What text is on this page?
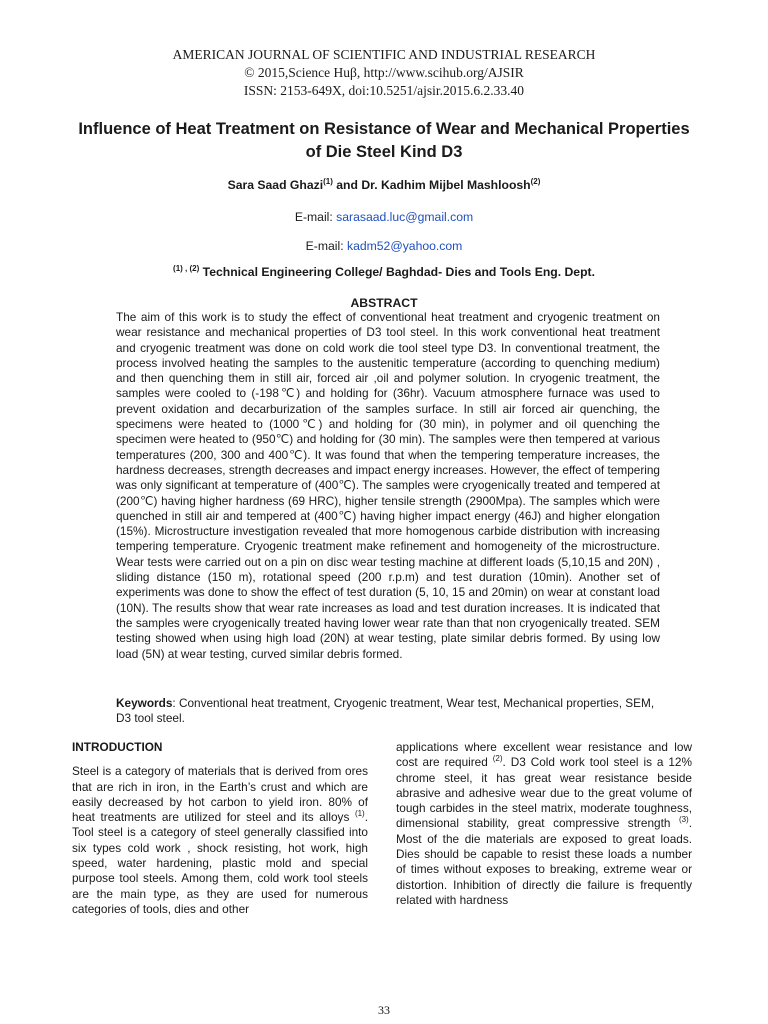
AMERICAN JOURNAL OF SCIENTIFIC AND INDUSTRIAL RESEARCH
© 2015,Science Huβ, http://www.scihub.org/AJSIR
ISSN: 2153-649X, doi:10.5251/ajsir.2015.6.2.33.40
Influence of Heat Treatment on Resistance of Wear and Mechanical Properties of Die Steel Kind D3
Sara Saad Ghazi$^{(1)}$ and Dr. Kadhim Mijbel Mashloosh$^{(2)}$
E-mail: sarasaad.luc@gmail.com
E-mail: kadm52@yahoo.com
$^{(1) , (2)}$ Technical Engineering College/ Baghdad- Dies and Tools Eng. Dept.
ABSTRACT
The aim of this work is to study the effect of conventional heat treatment and cryogenic treatment on wear resistance and mechanical properties of D3 tool steel. In this work conventional heat treatment and cryogenic treatment was done on cold work die tool steel type D3. In conventional treatment, the process involved heating the samples to the austenitic temperature (according to quenching medium) and then quenching them in still air, forced air ,oil and polymer solution. In cryogenic treatment, the samples were cooled to (-198℃) and holding for (36hr). Vacuum atmosphere furnace was used to prevent oxidation and decarburization of the samples surface. In still air forced air quenching, the specimens were heated to (1000℃) and holding for (30 min), in polymer and oil quenching the specimen were heated to (950℃) and holding for (30 min). The samples were then tempered at various temperatures (200, 300 and 400℃). It was found that when the tempering temperature increases, the hardness decreases, strength decreases and impact energy increases. However, the effect of tempering was only significant at temperature of (400℃). The samples were cryogenically treated and tempered at (200℃) having higher hardness (69 HRC), higher tensile strength (2900Mpa). The samples which were quenched in still air and tempered at (400℃) having higher impact energy (46J) and higher elongation (15%). Microstructure investigation revealed that more homogenous carbide distribution with increasing tempering temperature. Cryogenic treatment make refinement and homogeneity of the microstructure. Wear tests were carried out on a pin on disc wear testing machine at different loads (5,10,15 and 20N) , sliding distance (150 m), rotational speed (200 r.p.m) and test duration (10min). Another set of experiments was done to show the effect of test duration (5, 10, 15 and 20min) on wear at constant load (10N). The results show that wear rate increases as load and test duration increases. It is indicated that the samples were cryogenically treated having lower wear rate than that non cryogenically treated. SEM testing showed when using high load (20N) at wear testing, plate similar debris formed. By using low load (5N) at wear testing, curved similar debris formed.
Keywords: Conventional heat treatment, Cryogenic treatment, Wear test, Mechanical properties, SEM, D3 tool steel.
INTRODUCTION
Steel is a category of materials that is derived from ores that are rich in iron, in the Earth’s crust and which are easily decreased by hot carbon to yield iron. 80% of heat treatments are utilized for steel and its alloys $^{(1)}$. Tool steel is a category of steel generally classified into six types cold work , shock resisting, hot work, high speed, water hardening, plastic mold and special purpose tool steels. Among them, cold work tool steels are the main type, as they are used for numerous categories of tools, dies and other
applications where excellent wear resistance and low cost are required $^{(2)}$. D3 Cold work tool steel is a 12% chrome steel, it has great wear resistance beside abrasive and adhesive wear due to the great volume of tough carbides in the steel matrix, moderate toughness, dimensional stability, great compressive strength $^{(3)}$. Most of the die materials are exposed to great loads. Dies should be capable to resist these loads a number of times without exposes to breaking, extreme wear or distortion. Inhibition of directly die failure is frequently related with hardness
33
